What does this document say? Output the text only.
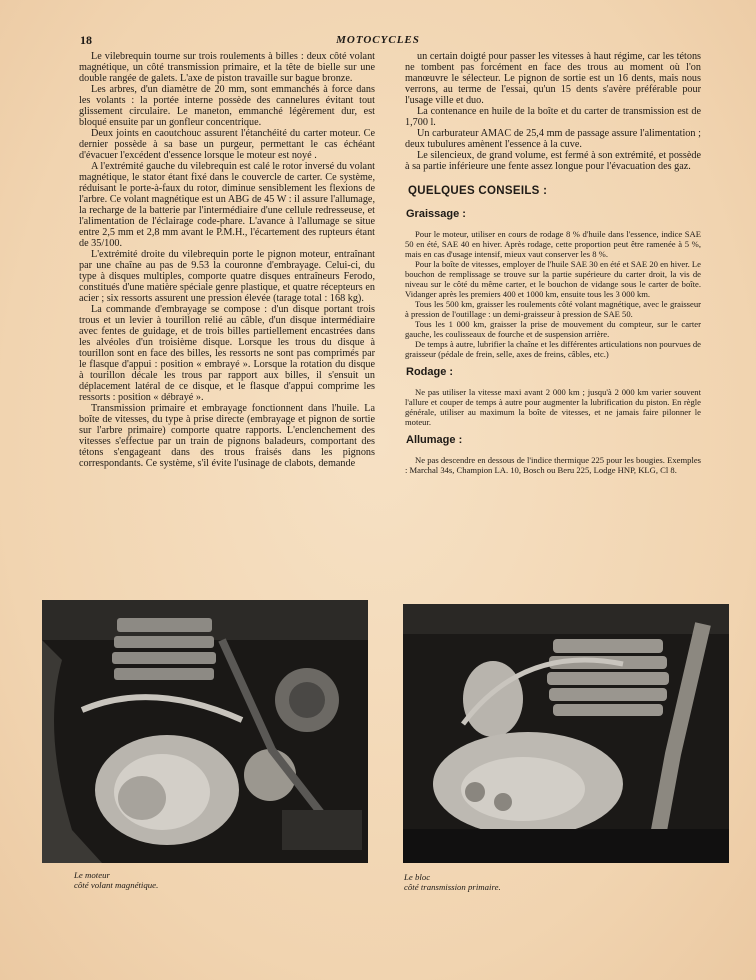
18	MOTOCYCLES

Le vilebrequin tourne sur trois roulements à billes : deux côté volant magnétique, un côté transmission primaire, et la tête de bielle sur une double rangée de galets. L'axe de piston travaille sur bague bronze.

Les arbres, d'un diamètre de 20 mm, sont emmanchés à force dans les volants : la portée interne possède des cannelures évitant tout glissement circulaire. Le maneton, emmanché légèrement dur, est bloqué ensuite par un gonfleur concentrique.

Deux joints en caoutchouc assurent l'étanchéité du carter moteur. Ce dernier possède à sa base un purgeur, permettant le cas échéant d'évacuer l'excédent d'essence lorsque le moteur est noyé .

A l'extrémité gauche du vilebrequin est calé le rotor inversé du volant magnétique, le stator étant fixé dans le couvercle de carter. Ce système, réduisant le porte-à-faux du rotor, diminue sensiblement les flexions de l'arbre. Ce volant magnétique est un ABG de 45 W : il assure l'allumage, la recharge de la batterie par l'intermédiaire d'une cellule redresseuse, et l'alimentation de l'éclairage code-phare. L'avance à l'allumage se situe entre 2,5 mm et 2,8 mm avant le P.M.H., l'écartement des rupteurs étant de 35/100.

L'extrémité droite du vilebrequin porte le pignon moteur, entraînant par une chaîne au pas de 9.53 la couronne d'embrayage. Celui-ci, du type à disques multiples, comporte quatre disques entraîneurs Ferodo, constitués d'une matière spéciale genre plastique, et quatre récepteurs en acier ; six ressorts assurent une pression élevée (tarage total : 168 kg).

La commande d'embrayage se compose : d'un disque portant trois trous et un levier à tourillon relié au câble, d'un disque intermédiaire avec fentes de guidage, et de trois billes partiellement encastrées dans les alvéoles d'un troisième disque. Lorsque les trous du disque à tourillon sont en face des billes, les ressorts ne sont pas comprimés par le flasque d'appui : position « embrayé ». Lorsque la rotation du disque à tourillon décale les trous par rapport aux billes, il s'ensuit un déplacement latéral de ce disque, et le flasque d'appui comprime les ressorts : position « débrayé ».

Transmission primaire et embrayage fonctionnent dans l'huile. La boîte de vitesses, du type à prise directe (embrayage et pignon de sortie sur l'arbre primaire) comporte quatre rapports. L'enclenchement des vitesses s'effectue par un train de pignons baladeurs, comportant des tétons s'engageant dans des trous fraisés dans les pignons correspondants. Ce système, s'il évite l'usinage de clabots, demande

un certain doigté pour passer les vitesses à haut régime, car les tétons ne tombent pas forcément en face des trous au moment où l'on manœuvre le sélecteur. Le pignon de sortie est un 16 dents, mais nous verrons, au terme de l'essai, qu'un 15 dents s'avère préférable pour l'usage ville et duo.

La contenance en huile de la boîte et du carter de transmission est de 1,700 l.

Un carburateur AMAC de 25,4 mm de passage assure l'alimentation ; deux tubulures amènent l'essence à la cuve.

Le silencieux, de grand volume, est fermé à son extrémité, et possède à sa partie inférieure une fente assez longue pour l'évacuation des gaz.

QUELQUES CONSEILS :
Graissage :

Pour le moteur, utiliser en cours de rodage 8 % d'huile dans l'essence, indice SAE 50 en été, SAE 40 en hiver. Après rodage, cette proportion peut être ramenée à 5 %, mais en cas d'usage intensif, mieux vaut conserver les 8 %.

Pour la boîte de vitesses, employer de l'huile SAE 30 en été et SAE 20 en hiver. Le bouchon de remplissage se trouve sur la partie supérieure du carter droit, la vis de niveau sur le côté du même carter, et le bouchon de vidange sous le carter de boîte. Vidanger après les premiers 400 et 1000 km, ensuite tous les 3 000 km.

Tous les 500 km, graisser les roulements côté volant magnétique, avec le graisseur à pression de l'outillage : un demi-graisseur à pression de SAE 50.

Tous les 1 000 km, graisser la prise de mouvement du compteur, sur le carter gauche, les coulisseaux de fourche et de suspension arrière.

De temps à autre, lubrifier la chaîne et les différentes articulations non pourvues de graisseur (pédale de frein, selle, axes de freins, câbles, etc.)

Rodage :

Ne pas utiliser la vitesse maxi avant 2 000 km ; jusqu'à 2 000 km varier souvent l'allure et couper de temps à autre pour augmenter la lubrification du piston. En règle générale, utiliser au maximum la boîte de vitesses, et ne jamais faire pilonner le moteur.

Allumage :

Ne pas descendre en dessous de l'indice thermique 225 pour les bougies. Exemples : Marchal 34s, Champion LA. 10, Bosch ou Beru 225, Lodge HNP, KLG, Cl 8.

Le moteur
côté volant magnétique.
Le bloc
côté transmission primaire.
